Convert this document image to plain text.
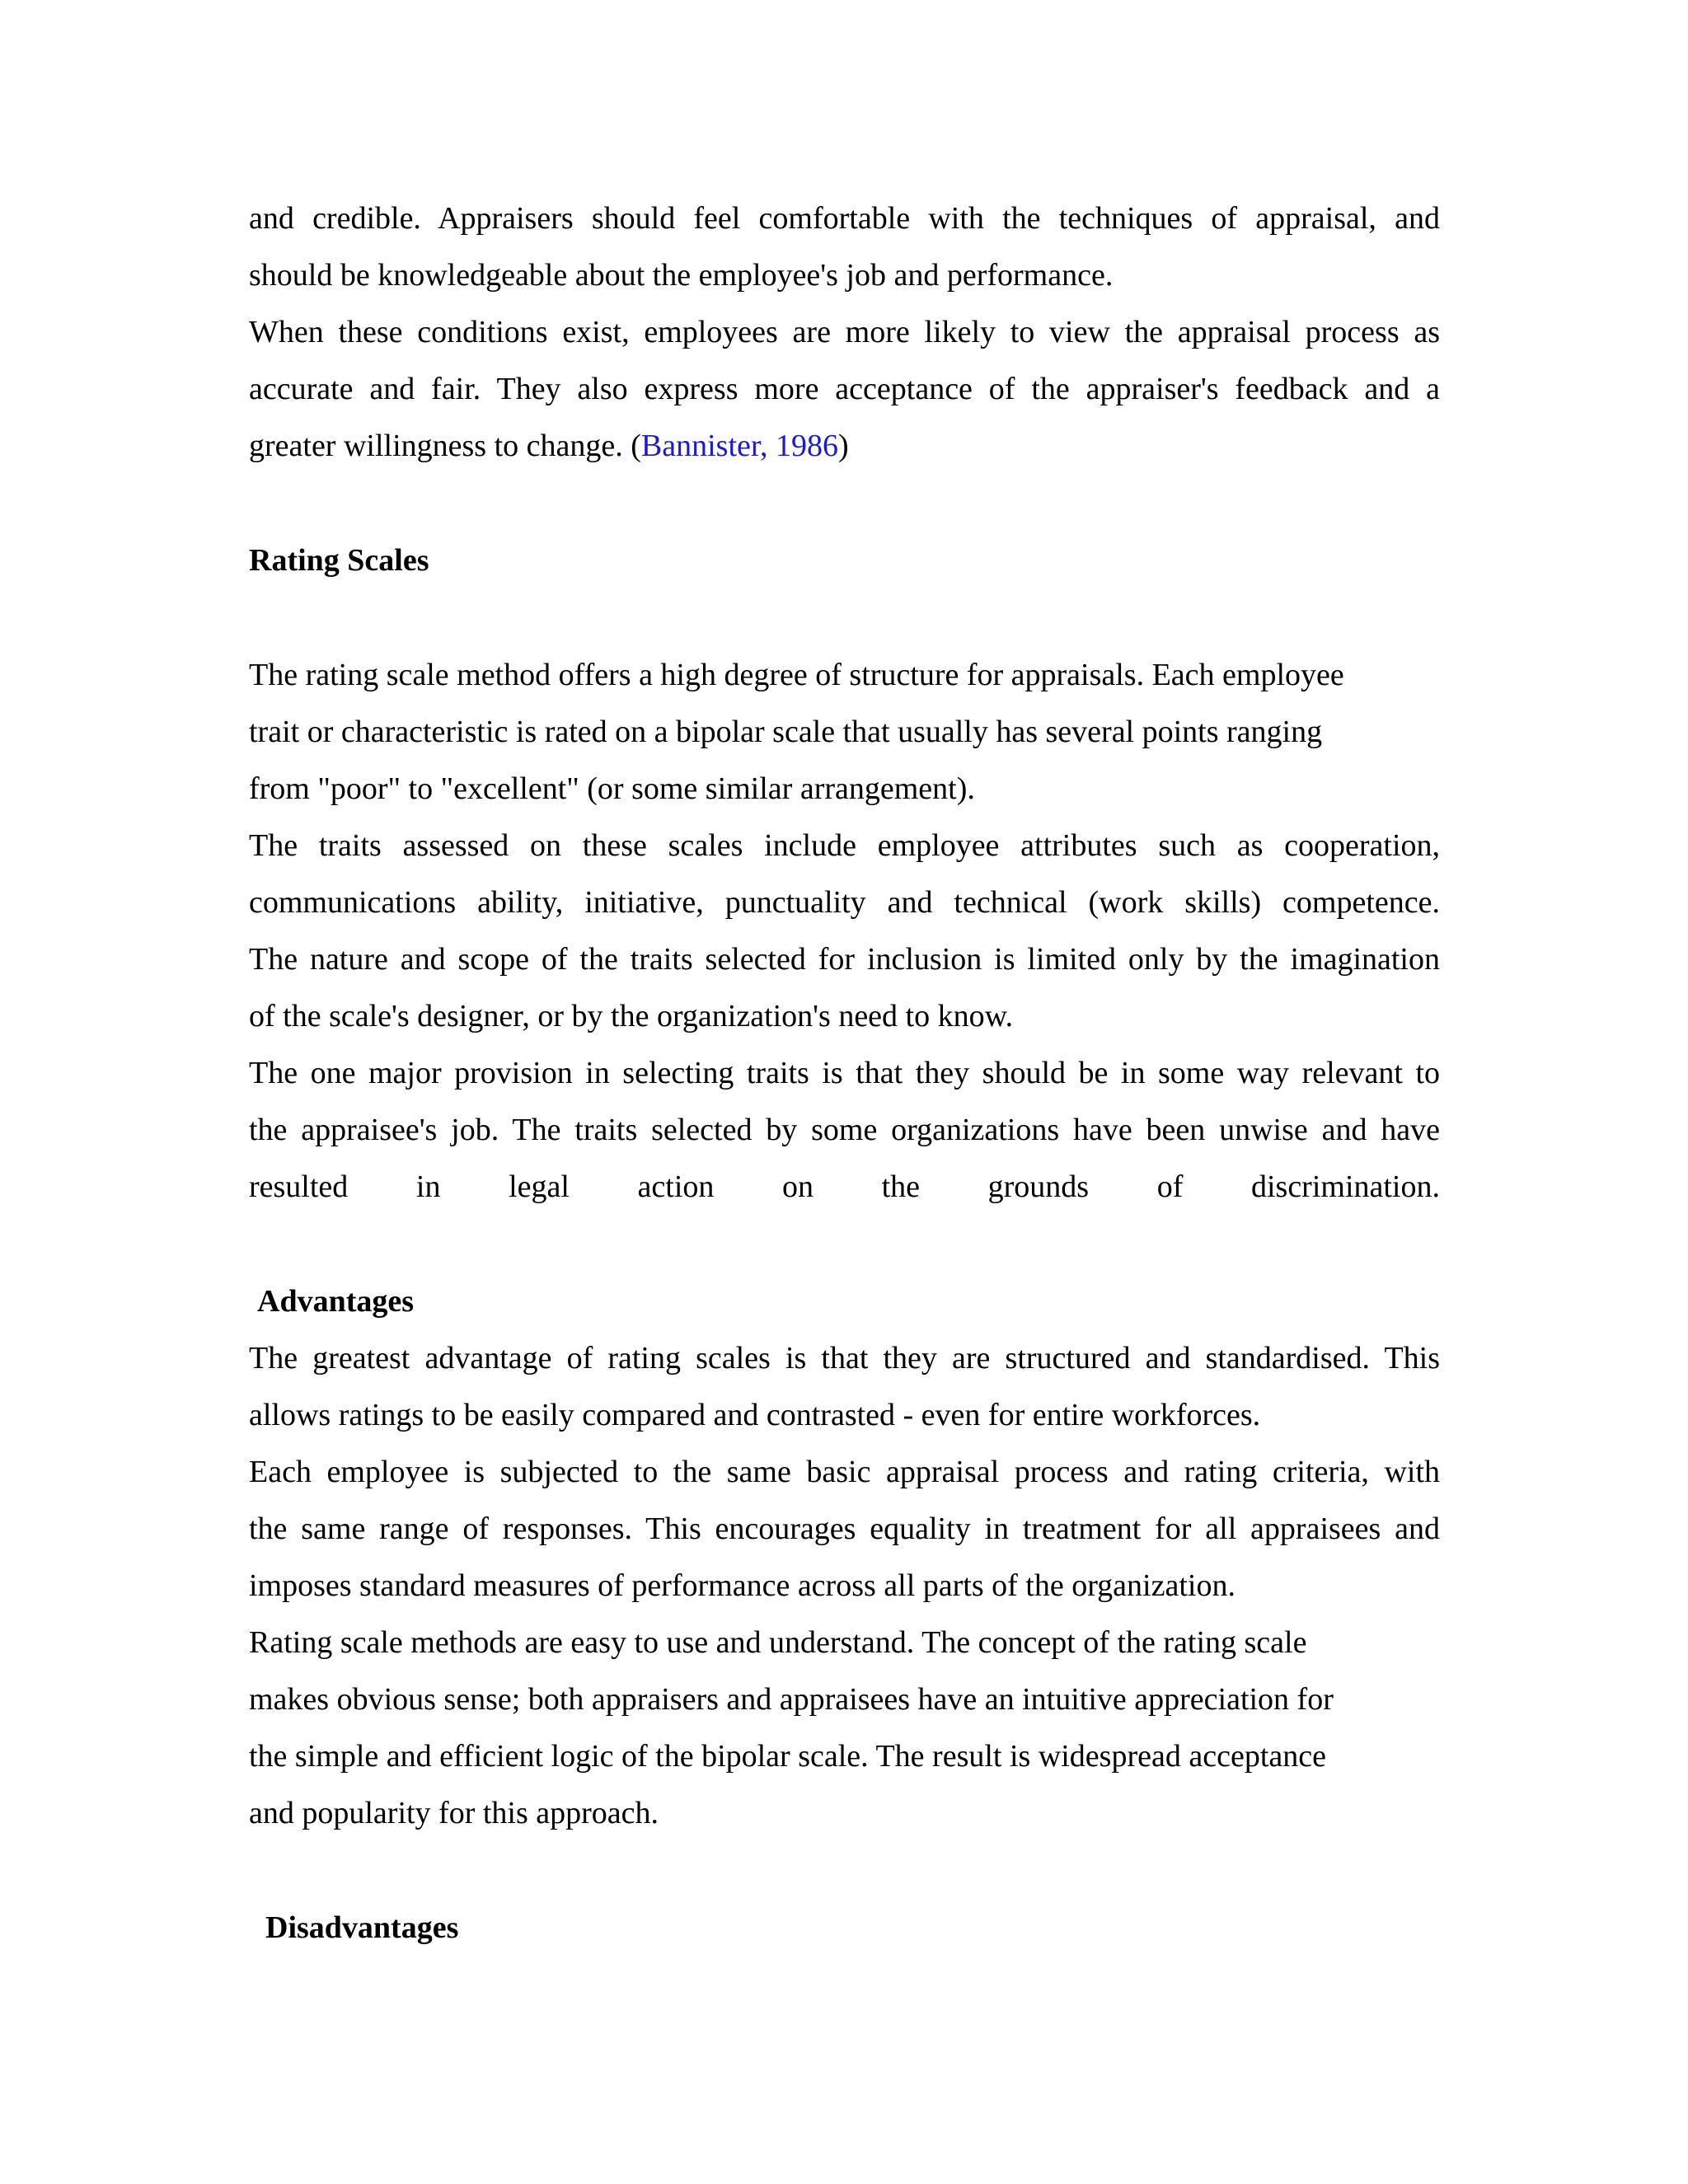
and credible. Appraisers should feel comfortable with the techniques of appraisal, and
should be knowledgeable about the employee's job and performance.
When these conditions exist, employees are more likely to view the appraisal process as
accurate and fair. They also express more acceptance of the appraiser's feedback and a
greater willingness to change. (Bannister, 1986)
Rating Scales
The rating scale method offers a high degree of structure for appraisals. Each employee
trait or characteristic is rated on a bipolar scale that usually has several points ranging
from "poor" to "excellent" (or some similar arrangement).
The traits assessed on these scales include employee attributes such as cooperation,
communications ability, initiative, punctuality and technical (work skills) competence.
The nature and scope of the traits selected for inclusion is limited only by the imagination
of the scale's designer, or by the organization's need to know.
The one major provision in selecting traits is that they should be in some way relevant to
the appraisee's job. The traits selected by some organizations have been unwise and have
resulted in legal action on the grounds of discrimination.
Advantages
The greatest advantage of rating scales is that they are structured and standardised. This
allows ratings to be easily compared and contrasted - even for entire workforces.
Each employee is subjected to the same basic appraisal process and rating criteria, with
the same range of responses. This encourages equality in treatment for all appraisees and
imposes standard measures of performance across all parts of the organization.
Rating scale methods are easy to use and understand. The concept of the rating scale
makes obvious sense; both appraisers and appraisees have an intuitive appreciation for
the simple and efficient logic of the bipolar scale. The result is widespread acceptance
and popularity for this approach.
Disadvantages
